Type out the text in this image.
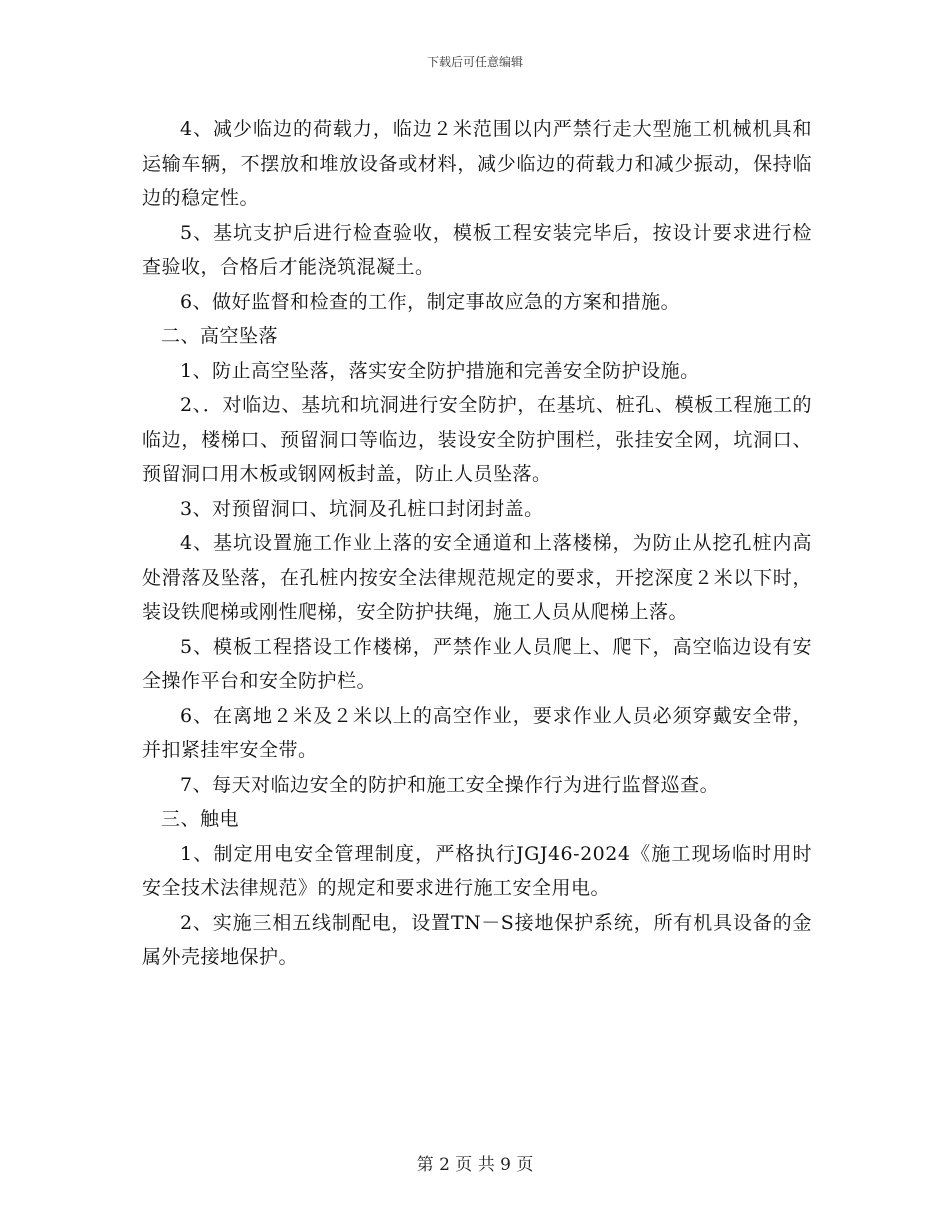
下载后可任意编辑

4、减少临边的荷载力，临边２米范围以内严禁行走大型施工机械机具和运输车辆，不摆放和堆放设备或材料，减少临边的荷载力和减少振动，保持临边的稳定性。

5、基坑支护后进行检查验收，模板工程安装完毕后，按设计要求进行检查验收，合格后才能浇筑混凝土。

6、做好监督和检查的工作，制定事故应急的方案和措施。

二、高空坠落

1、防止高空坠落，落实安全防护措施和完善安全防护设施。

2、．对临边、基坑和坑洞进行安全防护，在基坑、桩孔、模板工程施工的临边，楼梯口、预留洞口等临边，装设安全防护围栏，张挂安全网，坑洞口、预留洞口用木板或钢网板封盖，防止人员坠落。

3、对预留洞口、坑洞及孔桩口封闭封盖。

4、基坑设置施工作业上落的安全通道和上落楼梯，为防止从挖孔桩内高处滑落及坠落，在孔桩内按安全法律规范规定的要求，开挖深度２米以下时，装设铁爬梯或刚性爬梯，安全防护扶绳，施工人员从爬梯上落。

5、模板工程搭设工作楼梯，严禁作业人员爬上、爬下，高空临边设有安全操作平台和安全防护栏。

6、在离地２米及２米以上的高空作业，要求作业人员必须穿戴安全带，并扣紧挂牢安全带。

7、每天对临边安全的防护和施工安全操作行为进行监督巡查。

三、触电

1、制定用电安全管理制度，严格执行JGJ46-2024《施工现场临时用时安全技术法律规范》的规定和要求进行施工安全用电。

2、实施三相五线制配电，设置TN－S接地保护系统，所有机具设备的金属外壳接地保护。

第 2 页 共 9 页
